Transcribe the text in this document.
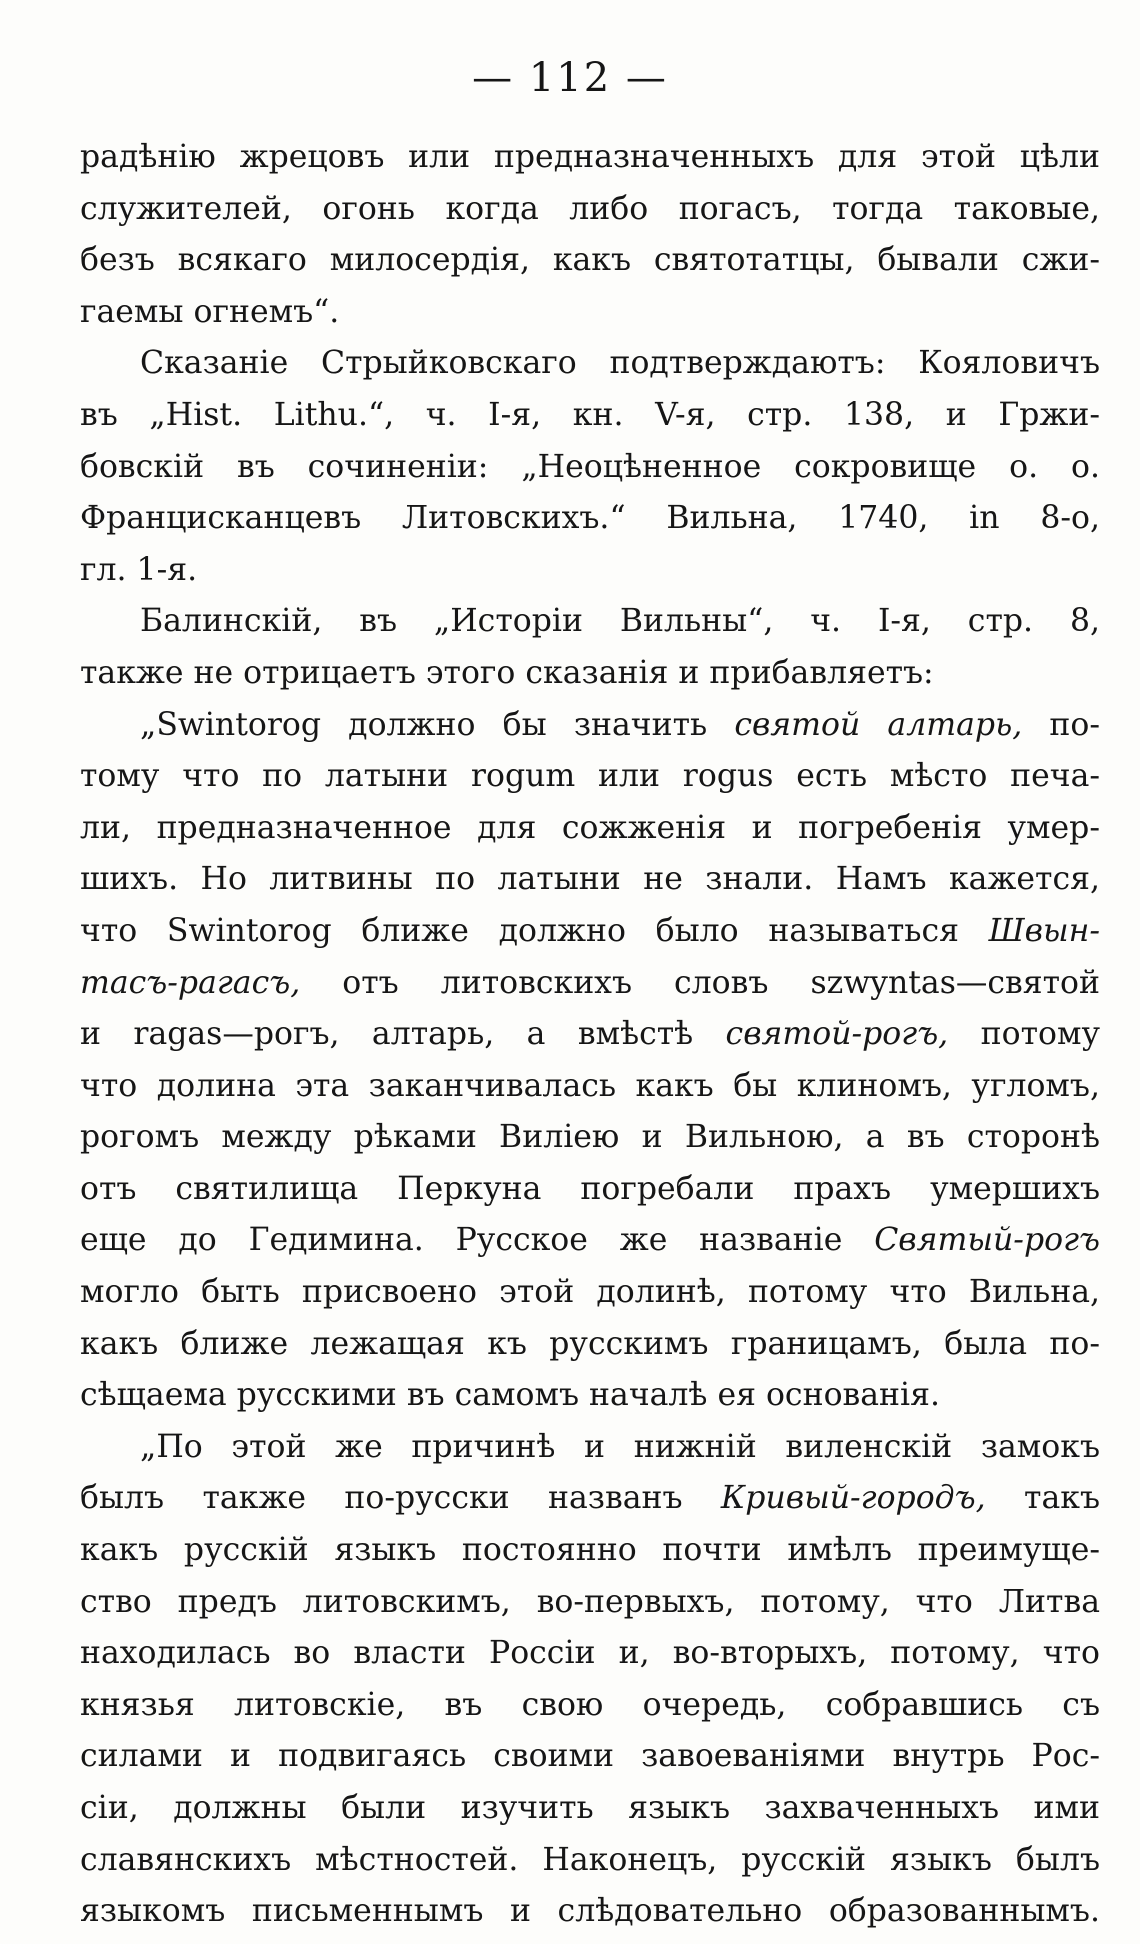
— 112 —
радѣнію жрецовъ или предназначенныхъ для этой цѣли
служителей, огонь когда либо погасъ, тогда таковые,
безъ всякаго милосердія, какъ святотатцы, бывали сжи-
гаемы огнемъ“.
Сказаніе Стрыйковскаго подтверждаютъ: Кояловичъ
въ „Hist. Lithu.“, ч. I-я, кн. V-я, стр. 138, и Гржи-
бовскій въ сочиненіи: „Неоцѣненное сокровище о. о.
Францисканцевъ Литовскихъ.“ Вильна, 1740, in 8-о,
гл. 1-я.
Балинскій, въ „Исторіи Вильны“, ч. I-я, стр. 8,
также не отрицаетъ этого сказанія и прибавляетъ:
„Swintorog должно бы значить святой алтарь, по-
тому что по латыни rogum или rogus есть мѣсто печа-
ли, предназначенное для сожженія и погребенія умер-
шихъ. Но литвины по латыни не знали. Намъ кажется,
что Swintorog ближе должно было называться Швын-
тасъ-рагасъ, отъ литовскихъ словъ szwyntas—святой
и ragas—рогъ, алтарь, а вмѣстѣ святой-рогъ, потому
что долина эта заканчивалась какъ бы клиномъ, угломъ,
рогомъ между рѣками Виліею и Вильною, а въ сторонѣ
отъ святилища Перкуна погребали прахъ умершихъ
еще до Гедимина. Русское же названіе Святый-рогъ
могло быть присвоено этой долинѣ, потому что Вильна,
какъ ближе лежащая къ русскимъ границамъ, была по-
сѣщаема русскими въ самомъ началѣ ея основанія.
„По этой же причинѣ и нижній виленскій замокъ
былъ также по-русски названъ Кривый-городъ, такъ
какъ русскій языкъ постоянно почти имѣлъ преимуще-
ство предъ литовскимъ, во-первыхъ, потому, что Литва
находилась во власти Россіи и, во-вторыхъ, потому, что
князья литовскіе, въ свою очередь, собравшись съ
силами и подвигаясь своими завоеваніями внутрь Рос-
сіи, должны были изучить языкъ захваченныхъ ими
славянскихъ мѣстностей. Наконецъ, русскій языкъ былъ
языкомъ письменнымъ и слѣдовательно образованнымъ.
